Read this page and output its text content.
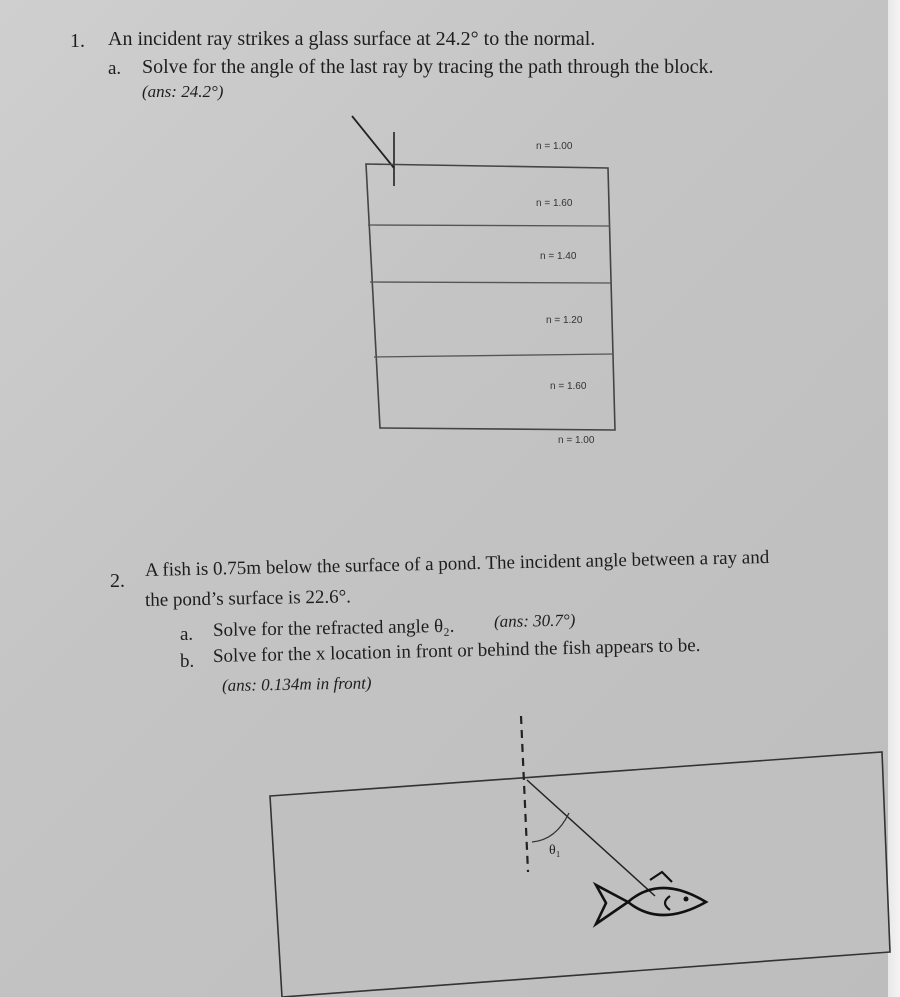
1. An incident ray strikes a glass surface at 24.2° to the normal.
a. Solve for the angle of the last ray by tracing the path through the block.
(ans: 24.2°)
n = 1.00
n = 1.60
n = 1.40
n = 1.20
n = 1.60
n = 1.00
2.
A fish is 0.75m below the surface of a pond. The incident angle between a ray and
the pond’s surface is 22.6°.
a. Solve for the refracted angle θ₂. (ans: 30.7°)
b. Solve for the x location in front or behind the fish appears to be.
(ans: 0.134m in front)
θ₁
